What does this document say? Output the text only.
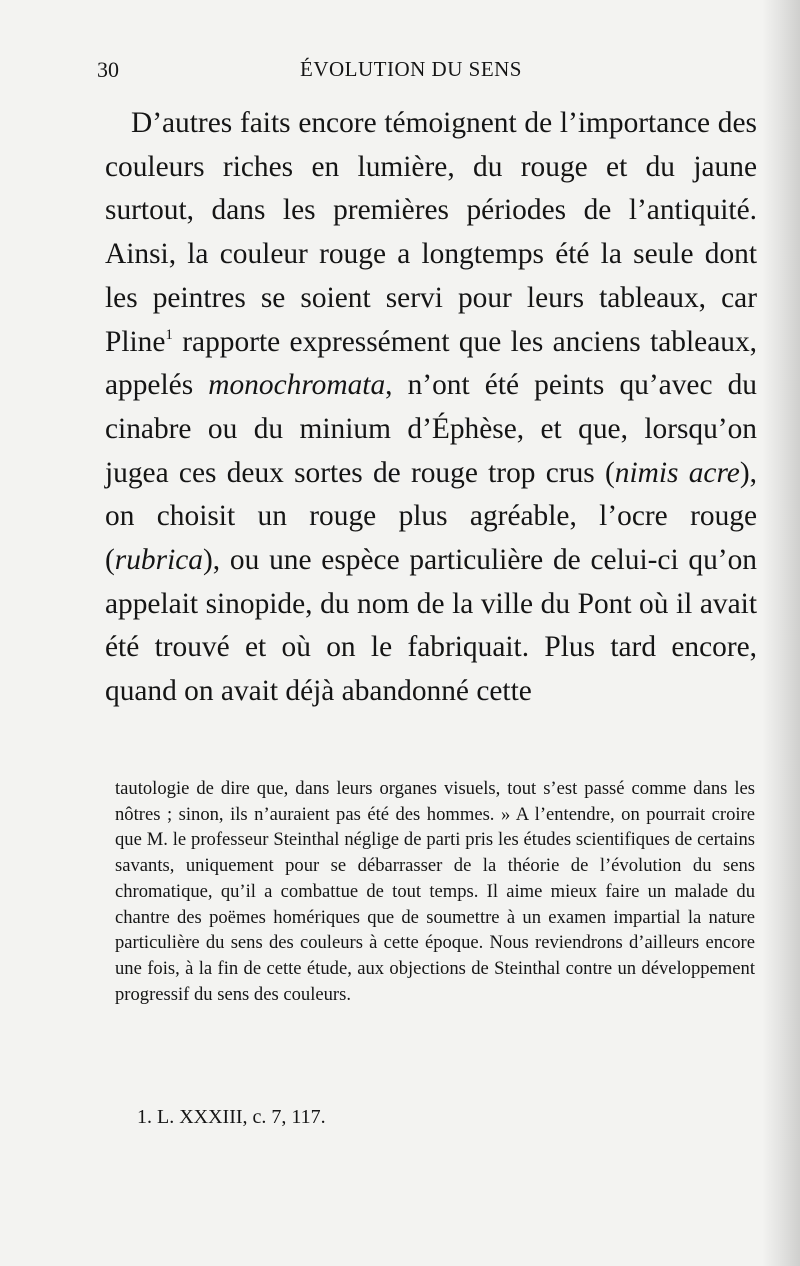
30	ÉVOLUTION DU SENS

D’autres faits encore témoignent de l’importance des couleurs riches en lumière, du rouge et du jaune surtout, dans les premières périodes de l’antiquité. Ainsi, la couleur rouge a longtemps été la seule dont les peintres se soient servi pour leurs tableaux, car Pline$^1$ rapporte expressément que les anciens tableaux, appelés monochromata, n’ont été peints qu’avec du cinabre ou du minium d’Éphèse, et que, lorsqu’on jugea ces deux sortes de rouge trop crus (nimis acre), on choisit un rouge plus agréable, l’ocre rouge (rubrica), ou une espèce particulière de celui-ci qu’on appelait sinopide, du nom de la ville du Pont où il avait été trouvé et où on le fabriquait. Plus tard encore, quand on avait déjà abandonné cette

tautologie de dire que, dans leurs organes visuels, tout s’est passé comme dans les nôtres ; sinon, ils n’auraient pas été des hommes. » A l’entendre, on pourrait croire que M. le professeur Steinthal néglige de parti pris les études scientifiques de certains savants, uniquement pour se débarrasser de la théorie de l’évolution du sens chromatique, qu’il a combattue de tout temps. Il aime mieux faire un malade du chantre des poëmes homériques que de soumettre à un examen impartial la nature particulière du sens des couleurs à cette époque. Nous reviendrons d’ailleurs encore une fois, à la fin de cette étude, aux objections de Steinthal contre un développement progressif du sens des couleurs.

1. L. XXXIII, c. 7, 117.
